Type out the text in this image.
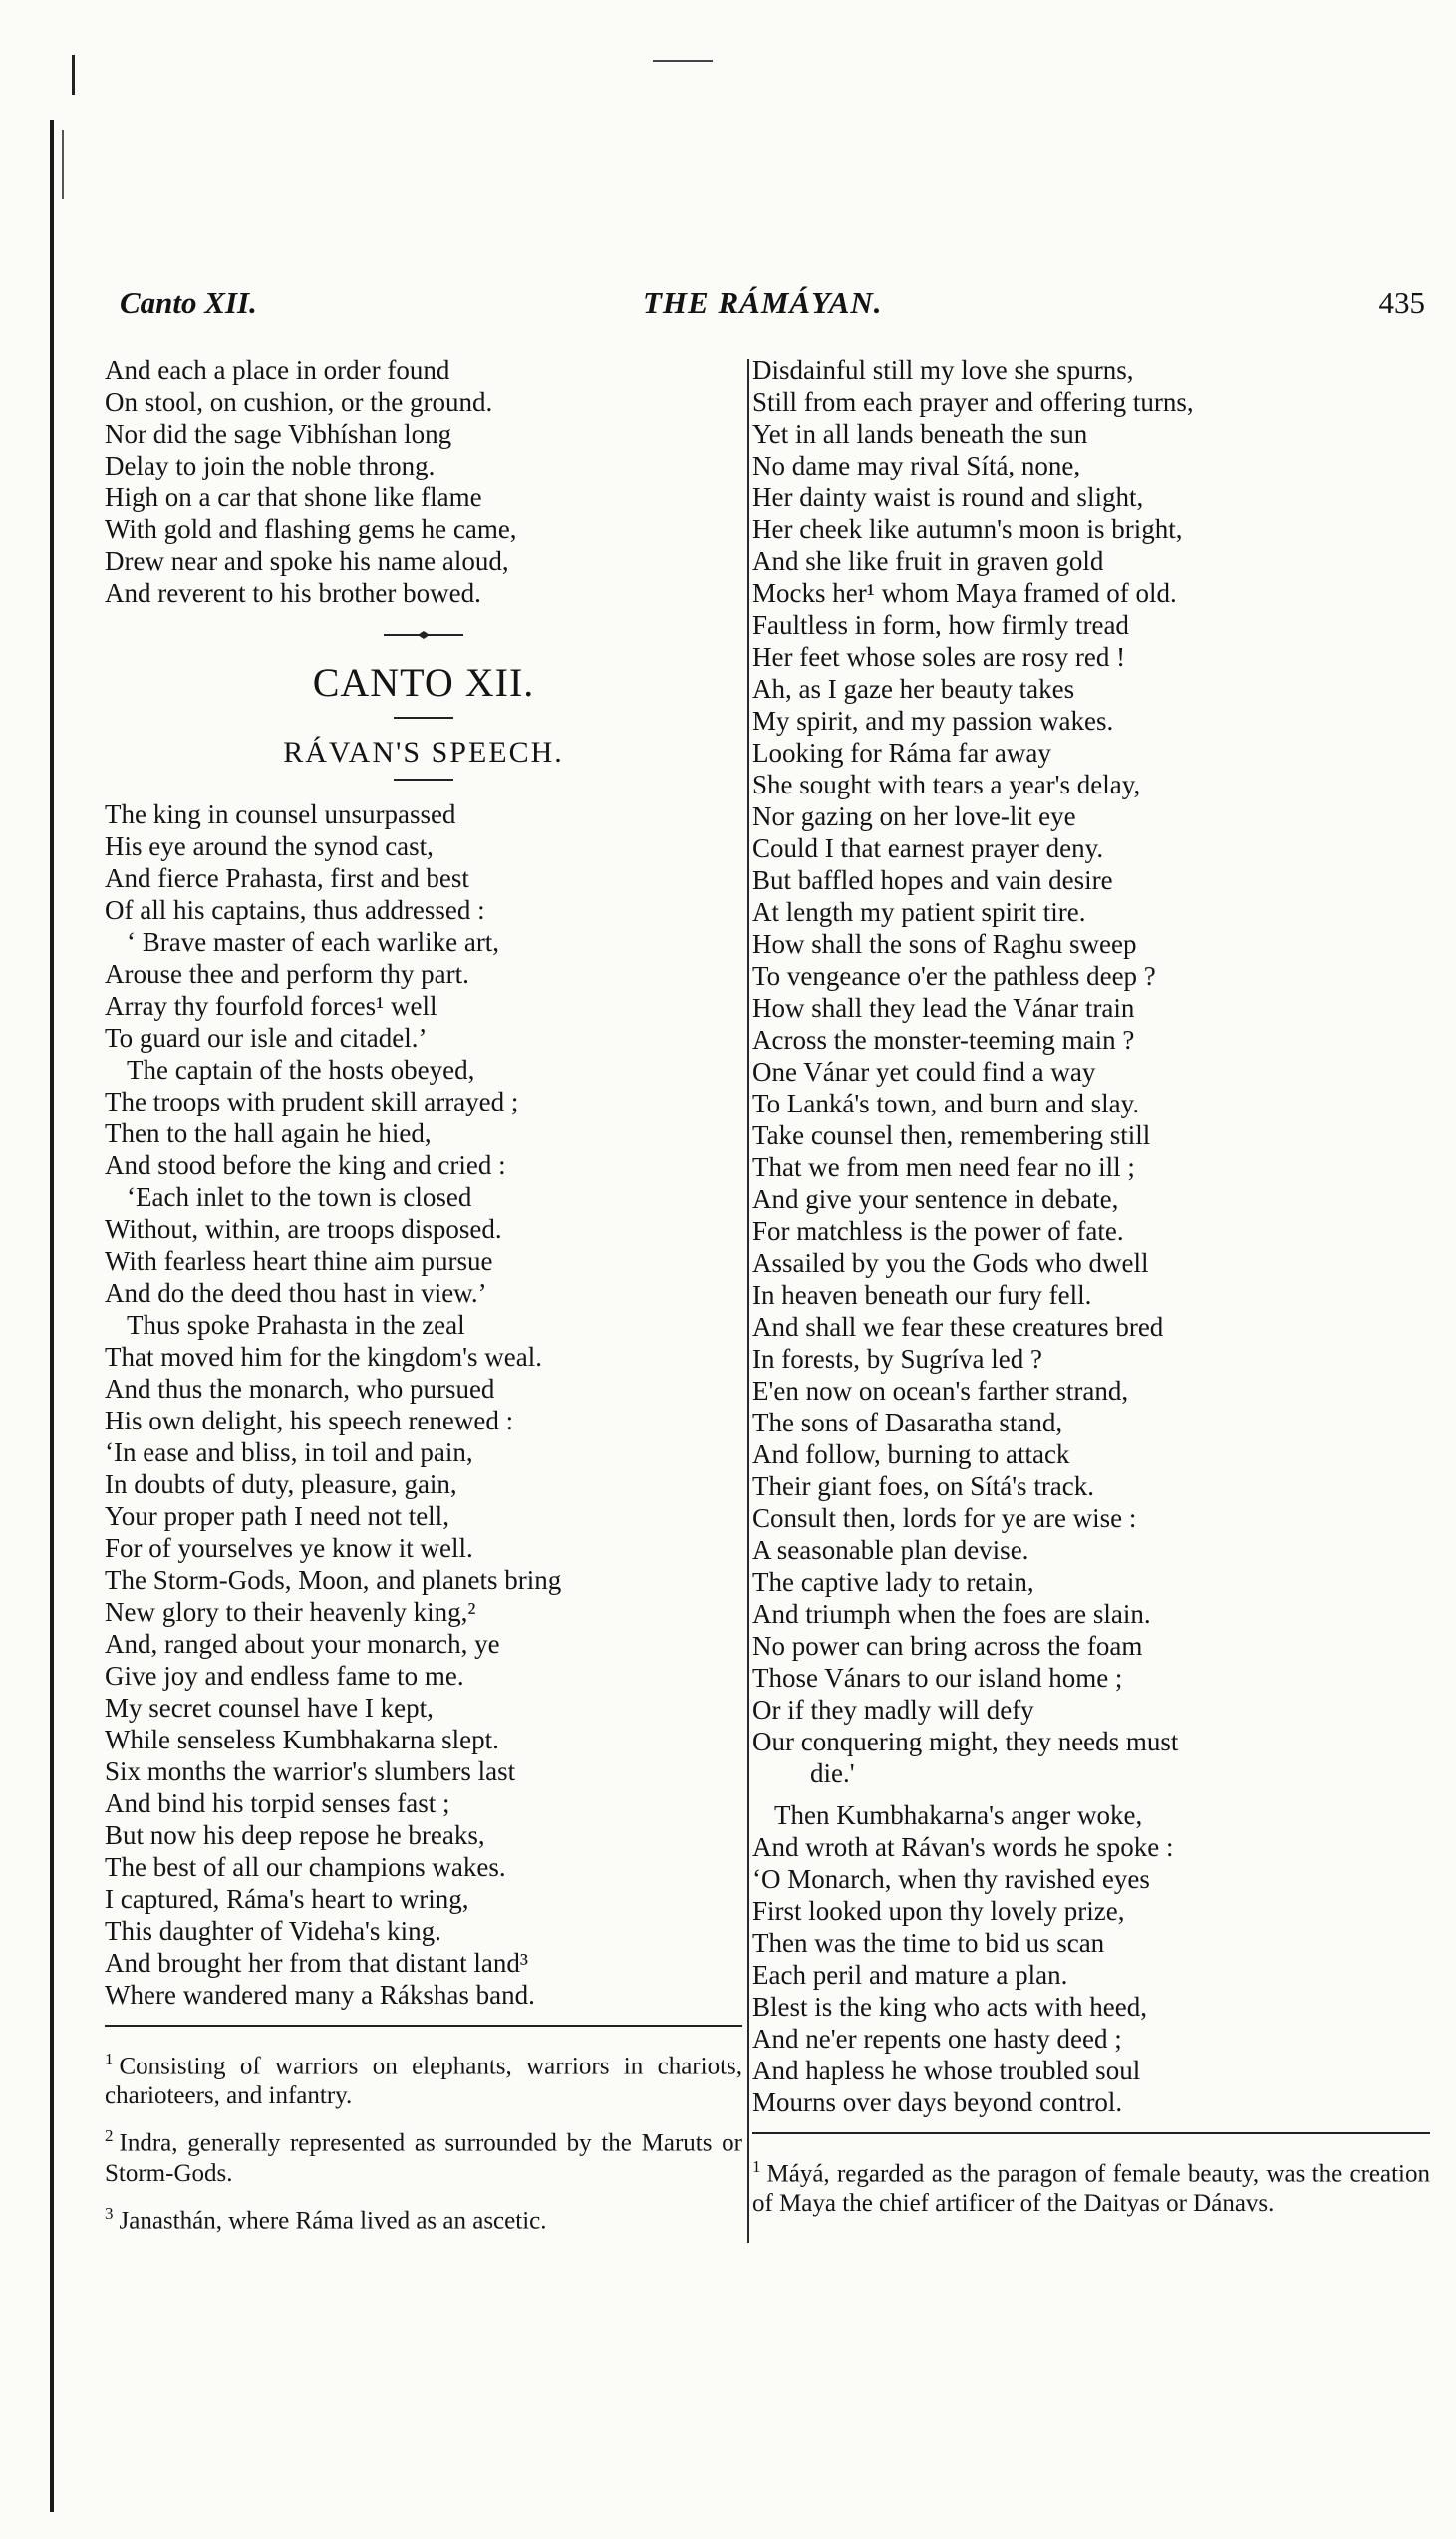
Canto XII.	THE RÁMÁYAN.	435
And each a place in order found
On stool, on cushion, or the ground.
Nor did the sage Vibhíshan long
Delay to join the noble throng.
High on a car that shone like flame
With gold and flashing gems he came,
Drew near and spoke his name aloud,
And reverent to his brother bowed.
CANTO XII.
RÁVAN'S SPEECH.
The king in counsel unsurpassed
His eye around the synod cast,
And fierce Prahasta, first and best
Of all his captains, thus addressed :
‘ Brave master of each warlike art,
Arouse thee and perform thy part.
Array thy fourfold forces¹ well
To guard our isle and citadel.’
The captain of the hosts obeyed,
The troops with prudent skill arrayed ;
Then to the hall again he hied,
And stood before the king and cried :
‘Each inlet to the town is closed
Without, within, are troops disposed.
With fearless heart thine aim pursue
And do the deed thou hast in view.’
Thus spoke Prahasta in the zeal
That moved him for the kingdom's weal.
And thus the monarch, who pursued
His own delight, his speech renewed :
‘In ease and bliss, in toil and pain,
In doubts of duty, pleasure, gain,
Your proper path I need not tell,
For of yourselves ye know it well.
The Storm-Gods, Moon, and planets bring
New glory to their heavenly king,²
And, ranged about your monarch, ye
Give joy and endless fame to me.
My secret counsel have I kept,
While senseless Kumbhakarna slept.
Six months the warrior's slumbers last
And bind his torpid senses fast ;
But now his deep repose he breaks,
The best of all our champions wakes.
I captured, Ráma's heart to wring,
This daughter of Videha's king.
And brought her from that distant land³
Where wandered many a Rákshas band.
$^1$ Consisting of warriors on elephants, warriors in chariots, charioteers, and infantry.
$^2$ Indra, generally represented as surrounded by the Maruts or Storm-Gods.
$^3$ Janasthán, where Ráma lived as an ascetic.
Disdainful still my love she spurns,
Still from each prayer and offering turns,
Yet in all lands beneath the sun
No dame may rival Sítá, none,
Her dainty waist is round and slight,
Her cheek like autumn's moon is bright,
And she like fruit in graven gold
Mocks her¹ whom Maya framed of old.
Faultless in form, how firmly tread
Her feet whose soles are rosy red !
Ah, as I gaze her beauty takes
My spirit, and my passion wakes.
Looking for Ráma far away
She sought with tears a year's delay,
Nor gazing on her love-lit eye
Could I that earnest prayer deny.
But baffled hopes and vain desire
At length my patient spirit tire.
How shall the sons of Raghu sweep
To vengeance o'er the pathless deep ?
How shall they lead the Vánar train
Across the monster-teeming main ?
One Vánar yet could find a way
To Lanká's town, and burn and slay.
Take counsel then, remembering still
That we from men need fear no ill ;
And give your sentence in debate,
For matchless is the power of fate.
Assailed by you the Gods who dwell
In heaven beneath our fury fell.
And shall we fear these creatures bred
In forests, by Sugríva led ?
E'en now on ocean's farther strand,
The sons of Dasaratha stand,
And follow, burning to attack
Their giant foes, on Sítá's track.
Consult then, lords for ye are wise :
A seasonable plan devise.
The captive lady to retain,
And triumph when the foes are slain.
No power can bring across the foam
Those Vánars to our island home ;
Or if they madly will defy
Our conquering might, they needs must
die.'
Then Kumbhakarna's anger woke,
And wroth at Rávan's words he spoke :
‘O Monarch, when thy ravished eyes
First looked upon thy lovely prize,
Then was the time to bid us scan
Each peril and mature a plan.
Blest is the king who acts with heed,
And ne'er repents one hasty deed ;
And hapless he whose troubled soul
Mourns over days beyond control.
$^1$ Máyá, regarded as the paragon of female beauty, was the creation of Maya the chief artificer of the Daityas or Dánavs.
